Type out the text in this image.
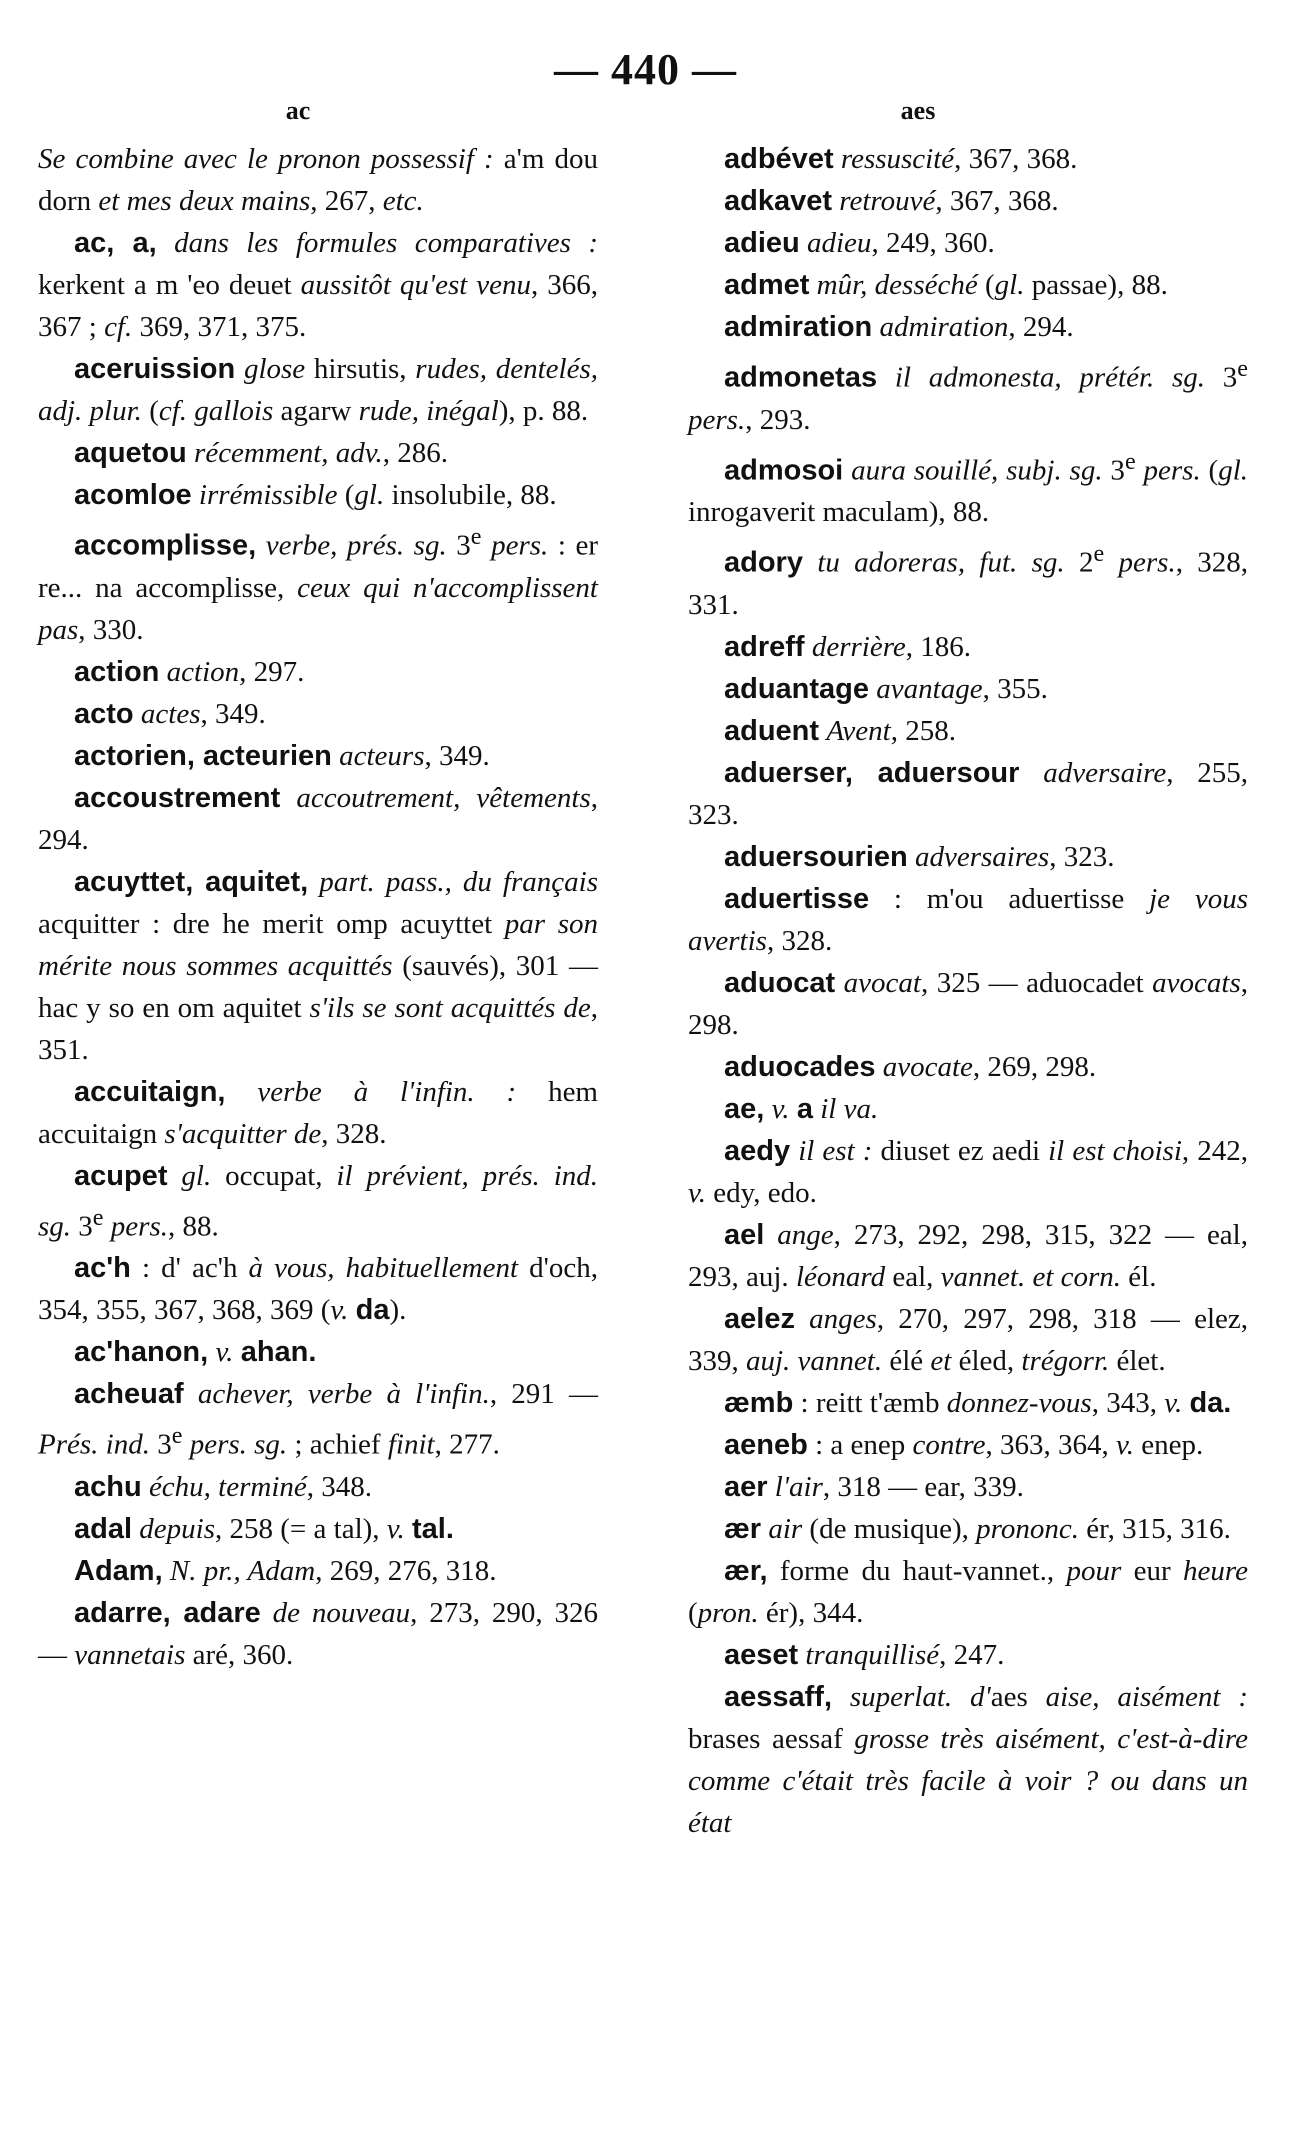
— 440 —
ac	aes

Se combine avec le pronon possessif : a'm dou dorn et mes deux mains, 267, etc.

ac, a, dans les formules comparatives : kerkent a m 'eo deuet aussitôt qu'est venu, 366, 367 ; cf. 369, 371, 375.

aceruission glose hirsutis, rudes, dentelés, adj. plur. (cf. gallois agarw rude, inégal), p. 88.

aquetou récemment, adv., 286.

acomloe irrémissible (gl. insolubile, 88.

accomplisse, verbe, prés. sg. 3e pers. : er re... na accomplisse, ceux qui n'accomplissent pas, 330.

action action, 297.

acto actes, 349.

actorien, acteurien acteurs, 349.

accoustrement accoutrement, vêtements, 294.

acuyttet, aquitet, part. pass., du français acquitter : dre he merit omp acuyttet par son mérite nous sommes acquittés (sauvés), 301 — hac y so en om aquitet s'ils se sont acquittés de, 351.

accuitaign, verbe à l'infin. : hem accuitaign s'acquitter de, 328.

acupet gl. occupat, il prévient, prés. ind. sg. 3e pers., 88.

ac'h : d' ac'h à vous, habituellement d'och, 354, 355, 367, 368, 369 (v. da).

ac'hanon, v. ahan.

acheuaf achever, verbe à l'infin., 291 — Prés. ind. 3e pers. sg. ; achief finit, 277.

achu échu, terminé, 348.

adal depuis, 258 (= a tal), v. tal.

Adam, N. pr., Adam, 269, 276, 318.

adarre, adare de nouveau, 273, 290, 326 — vannetais aré, 360.

adbévet ressuscité, 367, 368.

adkavet retrouvé, 367, 368.

adieu adieu, 249, 360.

admet mûr, desséché (gl. passae), 88.

admiration admiration, 294.

admonetas il admonesta, prétér. sg. 3e pers., 293.

admosoi aura souillé, subj. sg. 3e pers. (gl. inrogaverit maculam), 88.

adory tu adoreras, fut. sg. 2e pers., 328, 331.

adreff derrière, 186.

aduantage avantage, 355.

aduent Avent, 258.

aduerser, aduersour adversaire, 255, 323.

aduersourien adversaires, 323.

aduertisse : m'ou aduertisse je vous avertis, 328.

aduocat avocat, 325 — aduocadet avocats, 298.

aduocades avocate, 269, 298.

ae, v. a il va.

aedy il est : diuset ez aedi il est choisi, 242, v. edy, edo.

ael ange, 273, 292, 298, 315, 322 — eal, 293, auj. léonard eal, vannet. et corn. él.

aelez anges, 270, 297, 298, 318 — elez, 339, auj. vannet. élé et éled, trégorr. élet.

æmb : reitt t'æmb donnez-vous, 343, v. da.

aeneb : a enep contre, 363, 364, v. enep.

aer l'air, 318 — ear, 339.

ær air (de musique), prononc. ér, 315, 316.

ær, forme du haut-vannet., pour eur heure (pron. ér), 344.

aeset tranquillisé, 247.

aessaff, superlat. d'aes aise, aisément : brases aessaf grosse très aisément, c'est-à-dire comme c'était très facile à voir ? ou dans un état
